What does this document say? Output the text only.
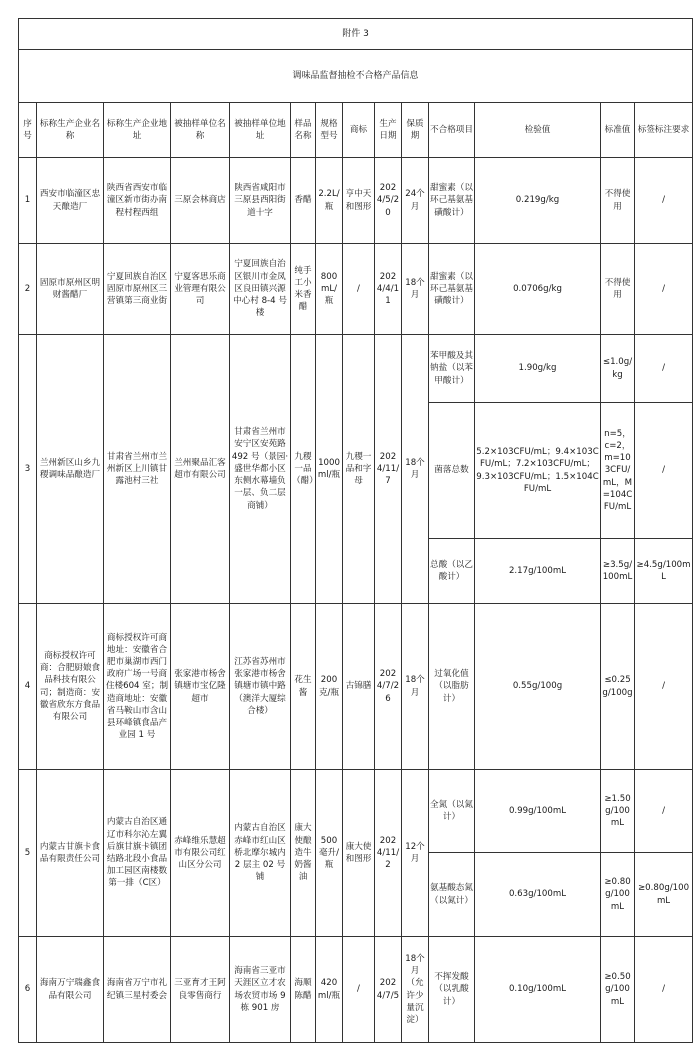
附件 3													
调味品监督抽检不合格产品信息													
序号	标称生产企业名称	标称生产企业地址	被抽样单位名称	被抽样单位地址	样品名称	规格型号	商标	生产日期	保质期	不合格项目	检验值	标准值	标签标注要求
1	西安市临潼区忠天酿造厂	陕西省西安市临潼区新市街办南程村程西组	三原会林商店	陕西省咸阳市三原县西阳街道十字	香醋	2.2L/瓶	亨中天和图形	2024/5/20	24个月	甜蜜素（以环己基氨基磺酸计）	0.219g/kg	不得使用	/
2	固原市原州区明财酱醋厂	宁夏回族自治区固原市原州区三营镇第三商业街	宁夏客思乐商业管理有限公司	宁夏回族自治区银川市金凤区良田镇兴源中心村 8-4 号楼	纯手工小米香醋	800mL/瓶	/	2024/4/11	18个月	甜蜜素（以环己基氨基磺酸计）	0.0706g/kg	不得使用	/
3	兰州新区山乡九稷调味品酿造厂	甘肃省兰州市兰州新区上川镇甘露池村三社	兰州聚品汇客超市有限公司	甘肃省兰州市安宁区安苑路 492 号（景园·盛世华都小区东侧水幕墙负一层、负二层商铺）	九稷一品（醋）	1000ml/瓶	九稷一品和字母	2024/11/7	18个月	苯甲酸及其钠盐（以苯甲酸计）	1.90g/kg	≤1.0g/kg	/
										菌落总数	5.2×103CFU/mL；9.4×103CFU/mL；7.2×103CFU/mL；9.3×103CFU/mL；1.5×104CFU/mL	n=5，c=2，m=103CFU/mL，M=104CFU/mL	/
										总酸（以乙酸计）	2.17g/100mL	≥3.5g/100mL	≥4.5g/100mL
4	商标授权许可商：合肥厨娘食品科技有限公司；制造商：安徽省欣东方食品有限公司	商标授权许可商地址：安徽省合肥市巢湖市西门政府广场一号商住楼604 室；制造商地址：安徽省马鞍山市含山县环峰镇食品产业园 1 号	张家港市杨舍镇塘市宝亿隆超市	江苏省苏州市张家港市杨舍镇塘市镇中路（澳洋大厦综合楼）	花生酱	200克/瓶	古锦膳	2024/7/26	18个月	过氧化值（以脂肪计）	0.55g/100g	≤0.25g/100g	/
5	内蒙古甘旗卡食品有限责任公司	内蒙古自治区通辽市科尔沁左翼后旗甘旗卡镇团结路北段小食品加工园区南楼数第一排（C区）	赤峰维乐慧超市有限公司红山区分公司	内蒙古自治区赤峰市红山区桥北摩尔城内 2 层主 02 号铺	康大使酿造牛奶酱油	500毫升/瓶	康大使和图形	2024/11/2	12个月	全氮（以氮计）	0.99g/100mL	≥1.50g/100mL	/
										氨基酸态氮（以氮计）	0.63g/100mL	≥0.80g/100mL	≥0.80g/100mL
6	海南万宁瑞鑫食品有限公司	海南省万宁市礼纪镇三星村委会	三亚育才王阿良零售商行	海南省三亚市天涯区立才农场农贸市场 9 栋 901 房	海顺陈醋	420ml/瓶	/	2024/7/5	18个月（允许少量沉淀）	不挥发酸（以乳酸计）	0.10g/100mL	≥0.50g/100mL	/
